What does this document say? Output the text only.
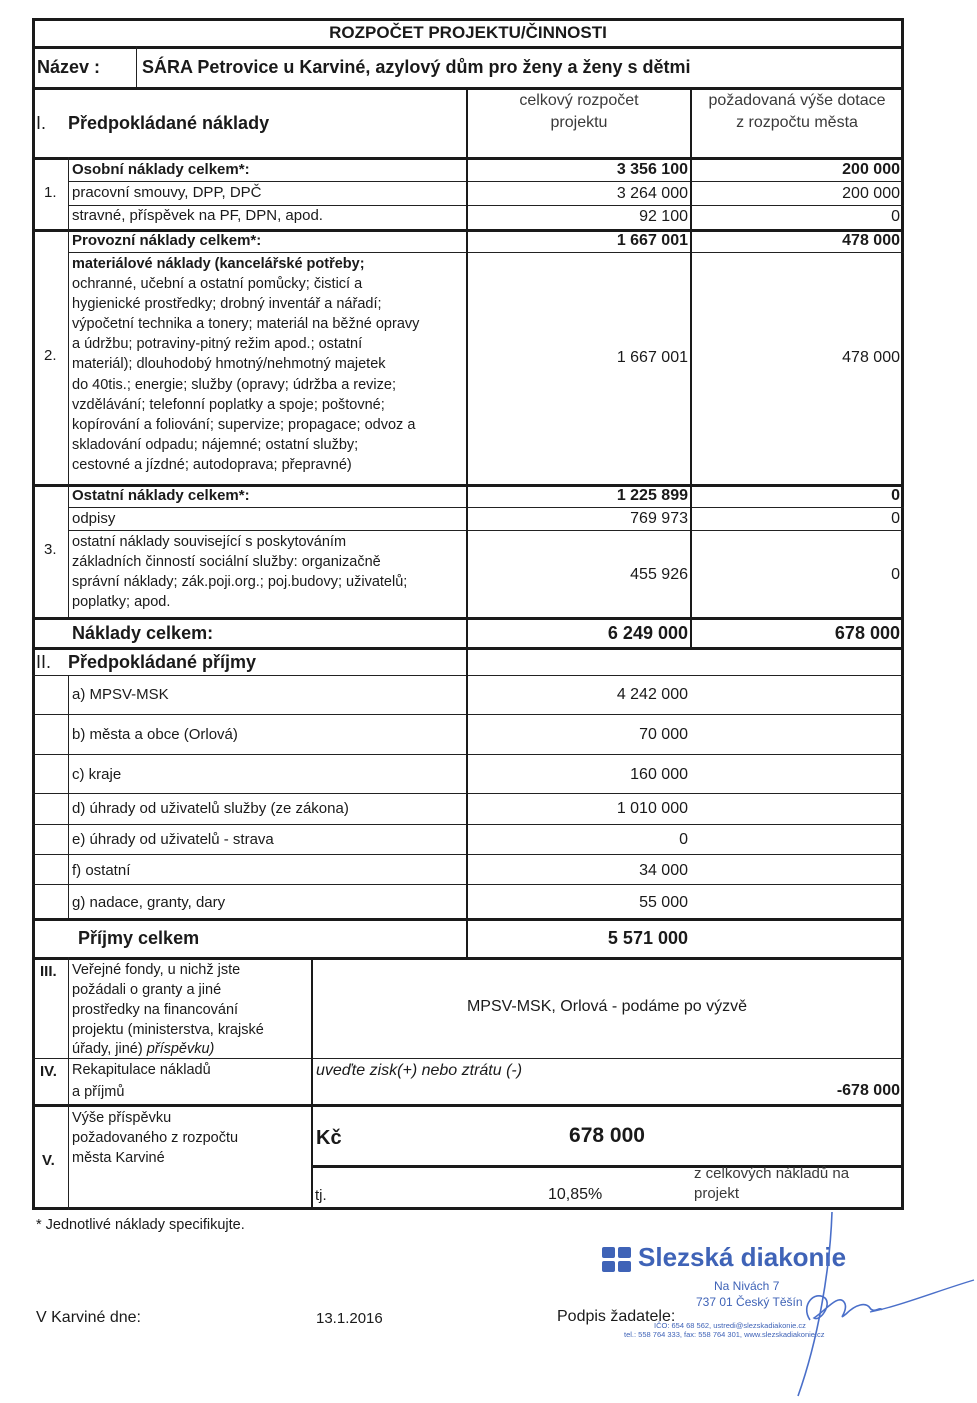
ROZPOČET PROJEKTU/ČINNOSTI
Název : SÁRA Petrovice u Karviné, azylový dům pro ženy a ženy s dětmi
I. Předpokládané náklady
celkový rozpočet
projektu
požadovaná výše dotace
z rozpočtu města
1.
Osobní náklady celkem*:	3 356 100	200 000
pracovní smouvy, DPP, DPČ	3 264 000	200 000
stravné, příspěvek na PF, DPN, apod.	92 100	0
2.
Provozní náklady celkem*:	1 667 001	478 000
materiálové náklady (kancelářské potřeby;
ochranné, učební a ostatní pomůcky; čisticí a
hygienické prostředky; drobný inventář a nářadí;
výpočetní technika a tonery; materiál na běžné opravy
a údržbu; potraviny-pitný režim apod.; ostatní
materiál); dlouhodobý hmotný/nehmotný majetek
do 40tis.; energie; služby (opravy; údržba a revize;
vzdělávání; telefonní poplatky a spoje; poštovné;
kopírování a foliování; supervize; propagace; odvoz a
skladování odpadu; nájemné; ostatní služby;
cestovné a jízdné; autodoprava; přepravné)
1 667 001	478 000
3.
Ostatní náklady celkem*:	1 225 899	0
odpisy	769 973	0
ostatní náklady související s poskytováním
základních činností sociální služby: organizačně
správní náklady; zák.poji.org.; poj.budovy; uživatelů;
poplatky; apod.
455 926	0
Náklady celkem:	6 249 000	678 000
II. Předpokládané příjmy
a) MPSV-MSK	4 242 000
b) města a obce (Orlová)	70 000
c) kraje	160 000
d) úhrady od uživatelů služby (ze zákona)	1 010 000
e) úhrady od uživatelů - strava	0
f) ostatní	34 000
g) nadace, granty, dary	55 000
Příjmy celkem	5 571 000
III. Veřejné fondy, u nichž jste
požádali o granty a jiné
prostředky na financování
projektu (ministerstva, krajské
úřady, jiné) příspěvku)
MPSV-MSK, Orlová - podáme po výzvě
IV. Rekapitulace nákladů
a příjmů
uveďte zisk(+) nebo ztrátu (-)
-678 000
V.
Výše příspěvku
požadovaného z rozpočtu
města Karviné
Kč	678 000
tj.	10,85%
z celkových nákladů na
projekt
* Jednotlivé náklady specifikujte.
V Karviné dne:	13.1.2016	Podpis žadatele:
Slezská diakonie
Na Nivách 7
737 01 Český Těšín
IČO: 654 68 562, ustredi@slezskadiakonie.cz
tel.: 558 764 333, fax: 558 764 301, www.slezskadiakonie.cz
